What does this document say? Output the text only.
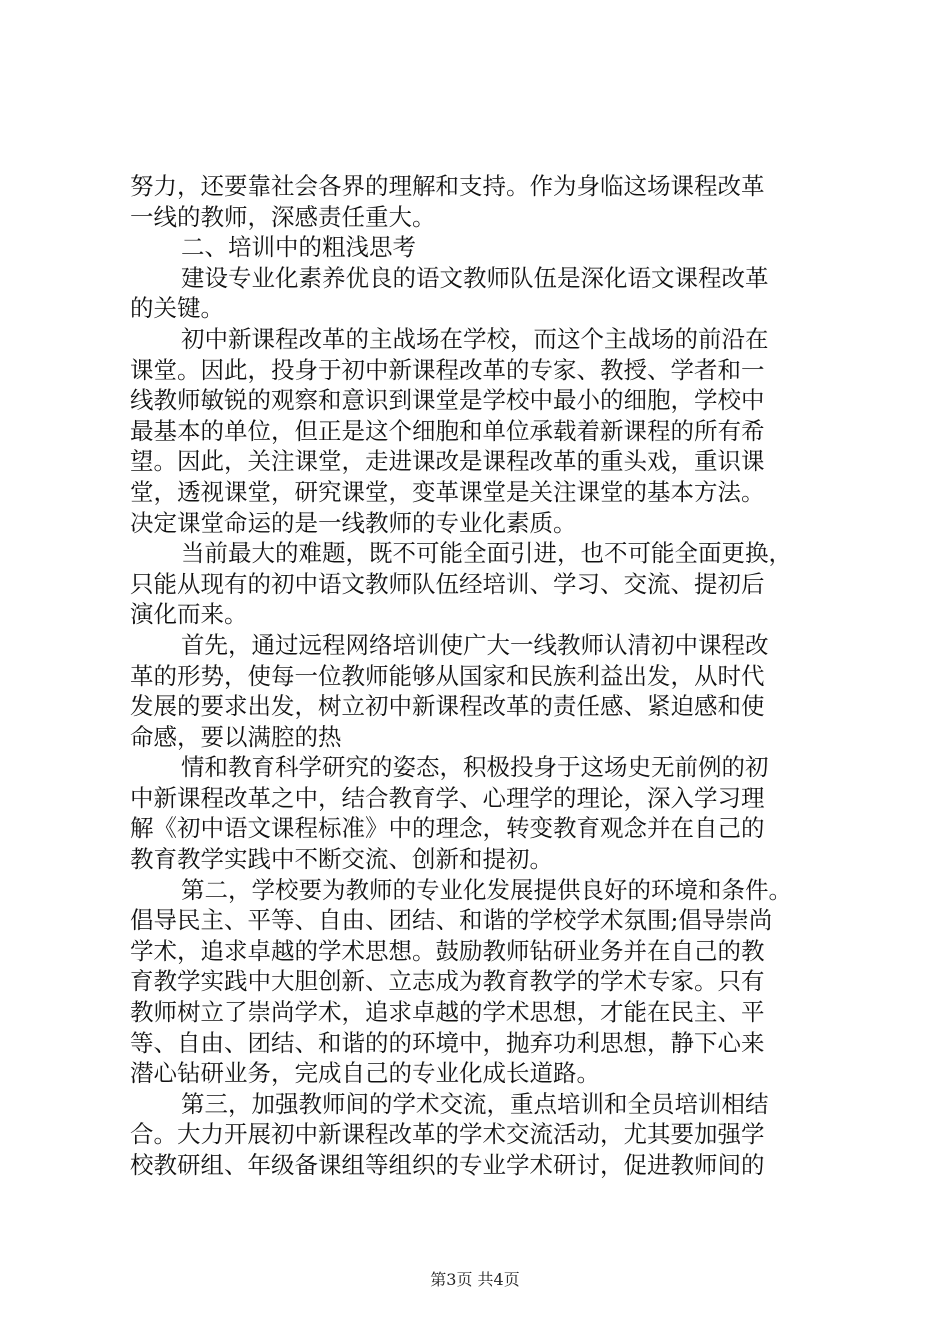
努力，还要靠社会各界的理解和支持。作为身临这场课程改革
一线的教师，深感责任重大。
二、培训中的粗浅思考
建设专业化素养优良的语文教师队伍是深化语文课程改革
的关键。
初中新课程改革的主战场在学校，而这个主战场的前沿在
课堂。因此，投身于初中新课程改革的专家、教授、学者和一
线教师敏锐的观察和意识到课堂是学校中最小的细胞，学校中
最基本的单位，但正是这个细胞和单位承载着新课程的所有希
望。因此，关注课堂，走进课改是课程改革的重头戏，重识课
堂，透视课堂，研究课堂，变革课堂是关注课堂的基本方法。
决定课堂命运的是一线教师的专业化素质。
当前最大的难题，既不可能全面引进，也不可能全面更换，
只能从现有的初中语文教师队伍经培训、学习、交流、提初后
演化而来。
首先，通过远程网络培训使广大一线教师认清初中课程改
革的形势，使每一位教师能够从国家和民族利益出发，从时代
发展的要求出发，树立初中新课程改革的责任感、紧迫感和使
命感，要以满腔的热
情和教育科学研究的姿态，积极投身于这场史无前例的初
中新课程改革之中，结合教育学、心理学的理论，深入学习理
解《初中语文课程标准》中的理念，转变教育观念并在自己的
教育教学实践中不断交流、创新和提初。
第二，学校要为教师的专业化发展提供良好的环境和条件。
倡导民主、平等、自由、团结、和谐的学校学术氛围;倡导崇尚
学术，追求卓越的学术思想。鼓励教师钻研业务并在自己的教
育教学实践中大胆创新、立志成为教育教学的学术专家。只有
教师树立了崇尚学术，追求卓越的学术思想，才能在民主、平
等、自由、团结、和谐的的环境中，抛弃功利思想，静下心来
潜心钻研业务，完成自己的专业化成长道路。
第三，加强教师间的学术交流，重点培训和全员培训相结
合。大力开展初中新课程改革的学术交流活动，尤其要加强学
校教研组、年级备课组等组织的专业学术研讨，促进教师间的
第3页 共4页
